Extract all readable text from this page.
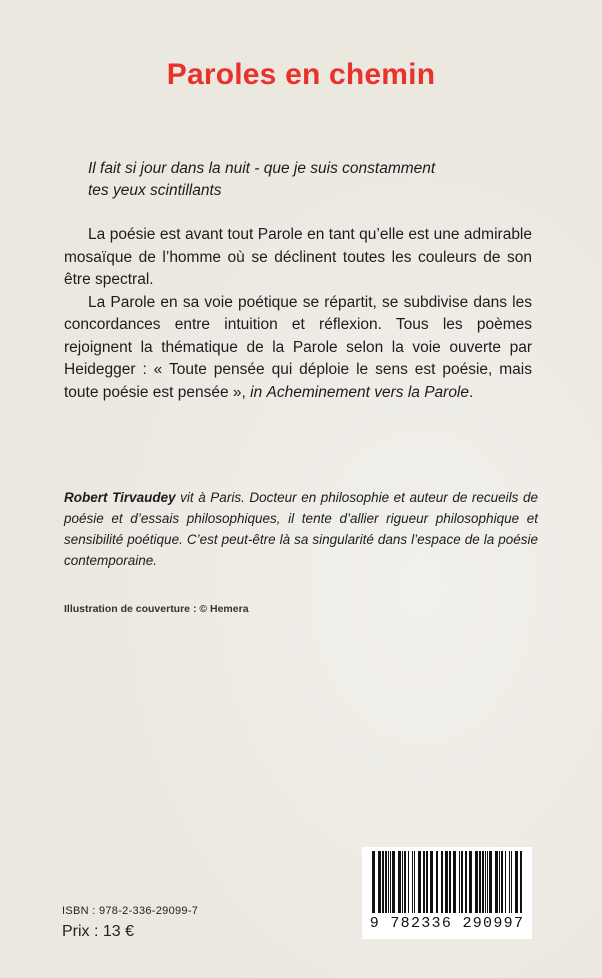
Paroles en chemin
Il fait si jour dans la nuit - que je suis constamment
tes yeux scintillants

La poésie est avant tout Parole en tant qu’elle est une admirable mosaïque de l’homme où se déclinent toutes les couleurs de son être spectral.

La Parole en sa voie poétique se répartit, se subdivise dans les concordances entre intuition et réflexion. Tous les poèmes rejoignent la thématique de la Parole selon la voie ouverte par Heidegger : « Toute pensée qui déploie le sens est poésie, mais toute poésie est pensée », in Acheminement vers la Parole.

Robert Tirvaudey vit à Paris. Docteur en philosophie et auteur de recueils de poésie et d’essais philosophiques, il tente d’allier rigueur philosophique et sensibilité poétique. C’est peut-être là sa singularité dans l’espace de la poésie contemporaine.
Illustration de couverture : © Hemera
ISBN : 978-2-336-29099-7
Prix : 13 €	9 782336 290997
